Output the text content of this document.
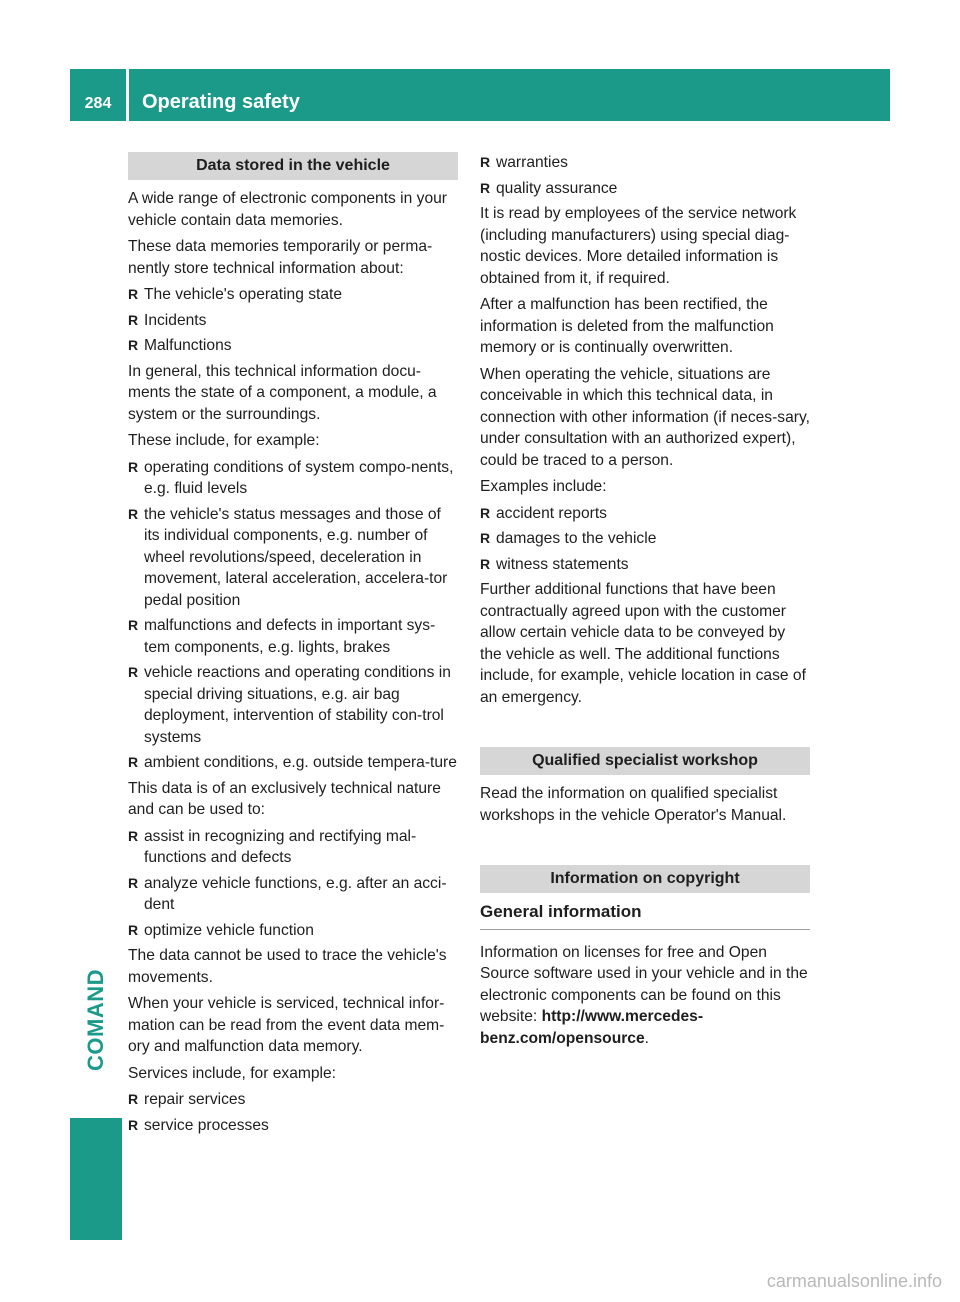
284	Operating safety
COMAND
Data stored in the vehicle

A wide range of electronic components in your vehicle contain data memories.

These data memories temporarily or perma-nently store technical information about:

R The vehicle's operating state
R Incidents
R Malfunctions

In general, this technical information docu-ments the state of a component, a module, a system or the surroundings.

These include, for example:

R operating conditions of system compo-nents, e.g. fluid levels
R the vehicle's status messages and those of its individual components, e.g. number of wheel revolutions/speed, deceleration in movement, lateral acceleration, accelera-tor pedal position
R malfunctions and defects in important sys-tem components, e.g. lights, brakes
R vehicle reactions and operating conditions in special driving situations, e.g. air bag deployment, intervention of stability con-trol systems
R ambient conditions, e.g. outside tempera-ture

This data is of an exclusively technical nature and can be used to:

R assist in recognizing and rectifying mal-functions and defects
R analyze vehicle functions, e.g. after an acci-dent
R optimize vehicle function

The data cannot be used to trace the vehicle's movements.

When your vehicle is serviced, technical infor-mation can be read from the event data mem-ory and malfunction data memory.

Services include, for example:

R repair services
R service processes
R warranties
R quality assurance

It is read by employees of the service network (including manufacturers) using special diag-nostic devices. More detailed information is obtained from it, if required.

After a malfunction has been rectified, the information is deleted from the malfunction memory or is continually overwritten.

When operating the vehicle, situations are conceivable in which this technical data, in connection with other information (if neces-sary, under consultation with an authorized expert), could be traced to a person.

Examples include:

R accident reports
R damages to the vehicle
R witness statements

Further additional functions that have been contractually agreed upon with the customer allow certain vehicle data to be conveyed by the vehicle as well. The additional functions include, for example, vehicle location in case of an emergency.

Qualified specialist workshop

Read the information on qualified specialist workshops in the vehicle Operator's Manual.

Information on copyright
General information

Information on licenses for free and Open Source software used in your vehicle and in the electronic components can be found on this website: http://www.mercedes-benz.com/opensource.

carmanualsonline.info
